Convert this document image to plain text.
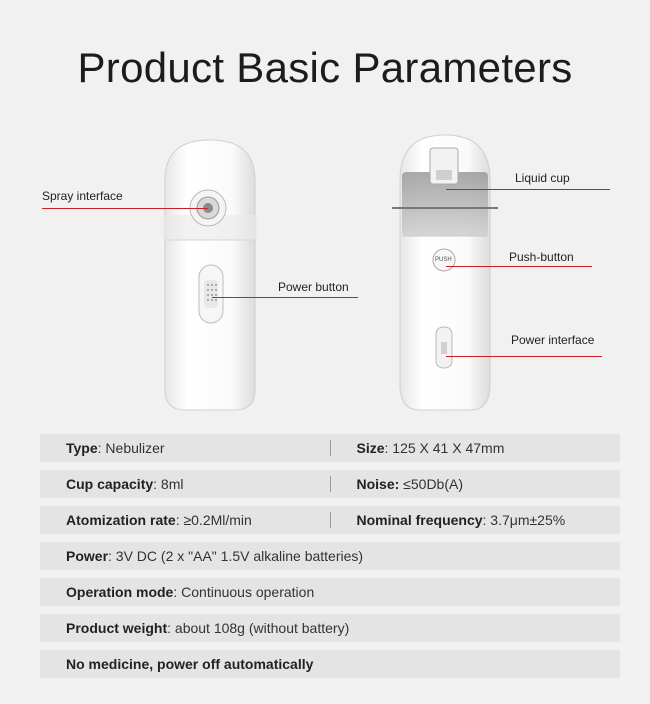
Product Basic Parameters
Spray interface
Power button
Liquid cup
Push-button
PUSH
Power interface
Type: Nebulizer	Size: 125 X 41 X 47mm
Cup capacity: 8ml	Noise: ≤50Db(A)
Atomization rate: ≥0.2Ml/min	Nominal frequency: 3.7μm±25%
Power: 3V DC (2 x "AA" 1.5V alkaline batteries)
Operation mode: Continuous operation
Product weight: about 108g (without battery)
No medicine, power off automatically
